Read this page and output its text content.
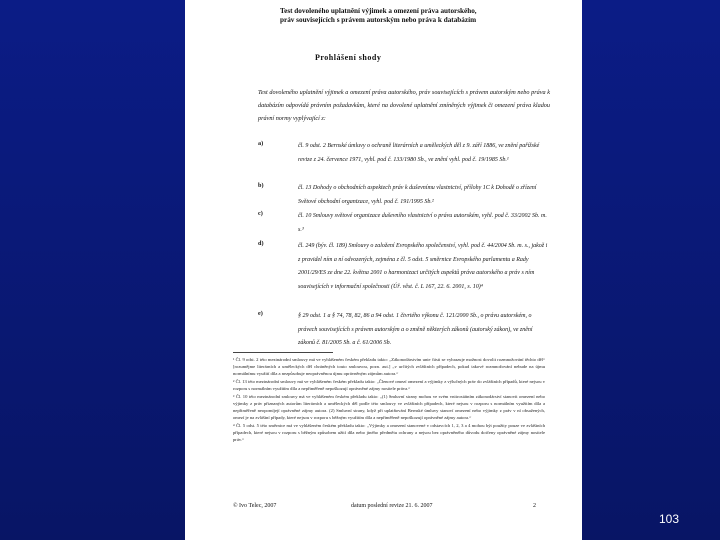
Test dovoleného uplatnění výjimek a omezení práva autorského,
práv souvisejících s právem autorským nebo práva k databázím
Prohlášení shody
Test dovoleného uplatnění výjimek a omezení práva autorského, práv souvisejících s právem autorským nebo práva k databázím odpovídá právním požadavkům, které na dovolené uplatnění zmíněných výjimek či omezení práva kladou právní normy vyplývající z:
a)	čl. 9 odst. 2 Bernské úmluvy o ochraně literárních a uměleckých děl z 9. září 1886, ve znění pařížské revize z 24. července 1971, vyhl. pod č. 133/1980 Sb., ve znění vyhl. pod č. 19/1985 Sb.¹
b)	čl. 13 Dohody o obchodních aspektech práv k duševnímu vlastnictví, přílohy 1C k Dohodě o zřízení Světové obchodní organizace, vyhl. pod č. 191/1995 Sb.²
c)	čl. 10 Smlouvy světové organizace duševního vlastnictví o právu autorském, vyhl. pod č. 33/2002 Sb. m. s.³
d)	čl. 249 (býv. čl. 189) Smlouvy o založení Evropského společenství, vyhl. pod č. 44/2004 Sb. m. s., jakož i z pravidel ním a ní odvozených, zejména z čl. 5 odst. 5 směrnice Evropského parlamentu a Rady 2001/29/ES ze dne 22. května 2001 o harmonizaci určitých aspektů práva autorského a práv s ním souvisejících v informační společnosti (Úř. věst. č. L 167, 22. 6. 2001, s. 10)⁴
e)	§ 29 odst. 1 a § 74, 78, 82, 86 a 94 odst. 1 čtvrtého výkonu č. 121/2000 Sb., o právu autorském, o právech souvisejících s právem autorským a o změně některých zákonů (autorský zákon), ve znění zákonů č. 81/2005 Sb. a č. 61/2006 Sb.

¹ Čl. 9 odst. 2 této mezinárodní smlouvy má ve vyhlášeném českém překladu takto: „Zákonodárstvím unie části se vyhrazuje možnost dovolit rozmnožování těchto děl“ [rozumějme literárních a uměleckých děl chráněných touto smlouvou, pozn. aut.] „v určitých zvláštních případech, pokud takové rozmnožování nebude na újmu normálnímu využití díla a nezpůsobuje neoprávněnou újmu oprávněným zájmům autora.“

² Čl. 13 této mezinárodní smlouvy má ve vyhlášeném českém překladu takto: „Členové omezí omezení a výjimky z výlučných práv do zvláštních případů, které nejsou v rozporu s normálním využitím díla a nepřiměřeně nepoškozují oprávněné zájmy nositele práva.“

³ Čl. 10 této mezinárodní smlouvy má ve vyhlášeném českém překladu takto: „(1) Smluvní strany mohou ve svém vnitrostátním zákonodárství stanovit omezení nebo výjimky z práv přiznaných autorům literárních a uměleckých děl podle této smlouvy ve zvláštních případech, které nejsou v rozporu s normálním využitím díla a nepřiměřeně neopomíjejí oprávněné zájmy autora. (2) Smluvní strany, když při uplatňování Bernské úmluvy stanoví omezení nebo výjimky z práv v ní obsažených, omezí je na zvláštní případy, které nejsou v rozporu s běžným využitím díla a nepřiměřeně nepoškozují oprávněné zájmy autora.“

⁴ Čl. 5 odst. 5 této směrnice má ve vyhlášeném českém překladu takto: „Výjimky a omezení stanovené v odstavcích 1, 2, 3 a 4 mohou být použity pouze ve zvláštních případech, které nejsou v rozporu s běžným způsobem užití díla nebo jiného předmětu ochrany a nejsou bez oprávněného důvodu dotčeny oprávněné zájmy nositele práv.“

© Ivo Telec, 2007	datum poslední revize 21. 6. 2007	2
103
